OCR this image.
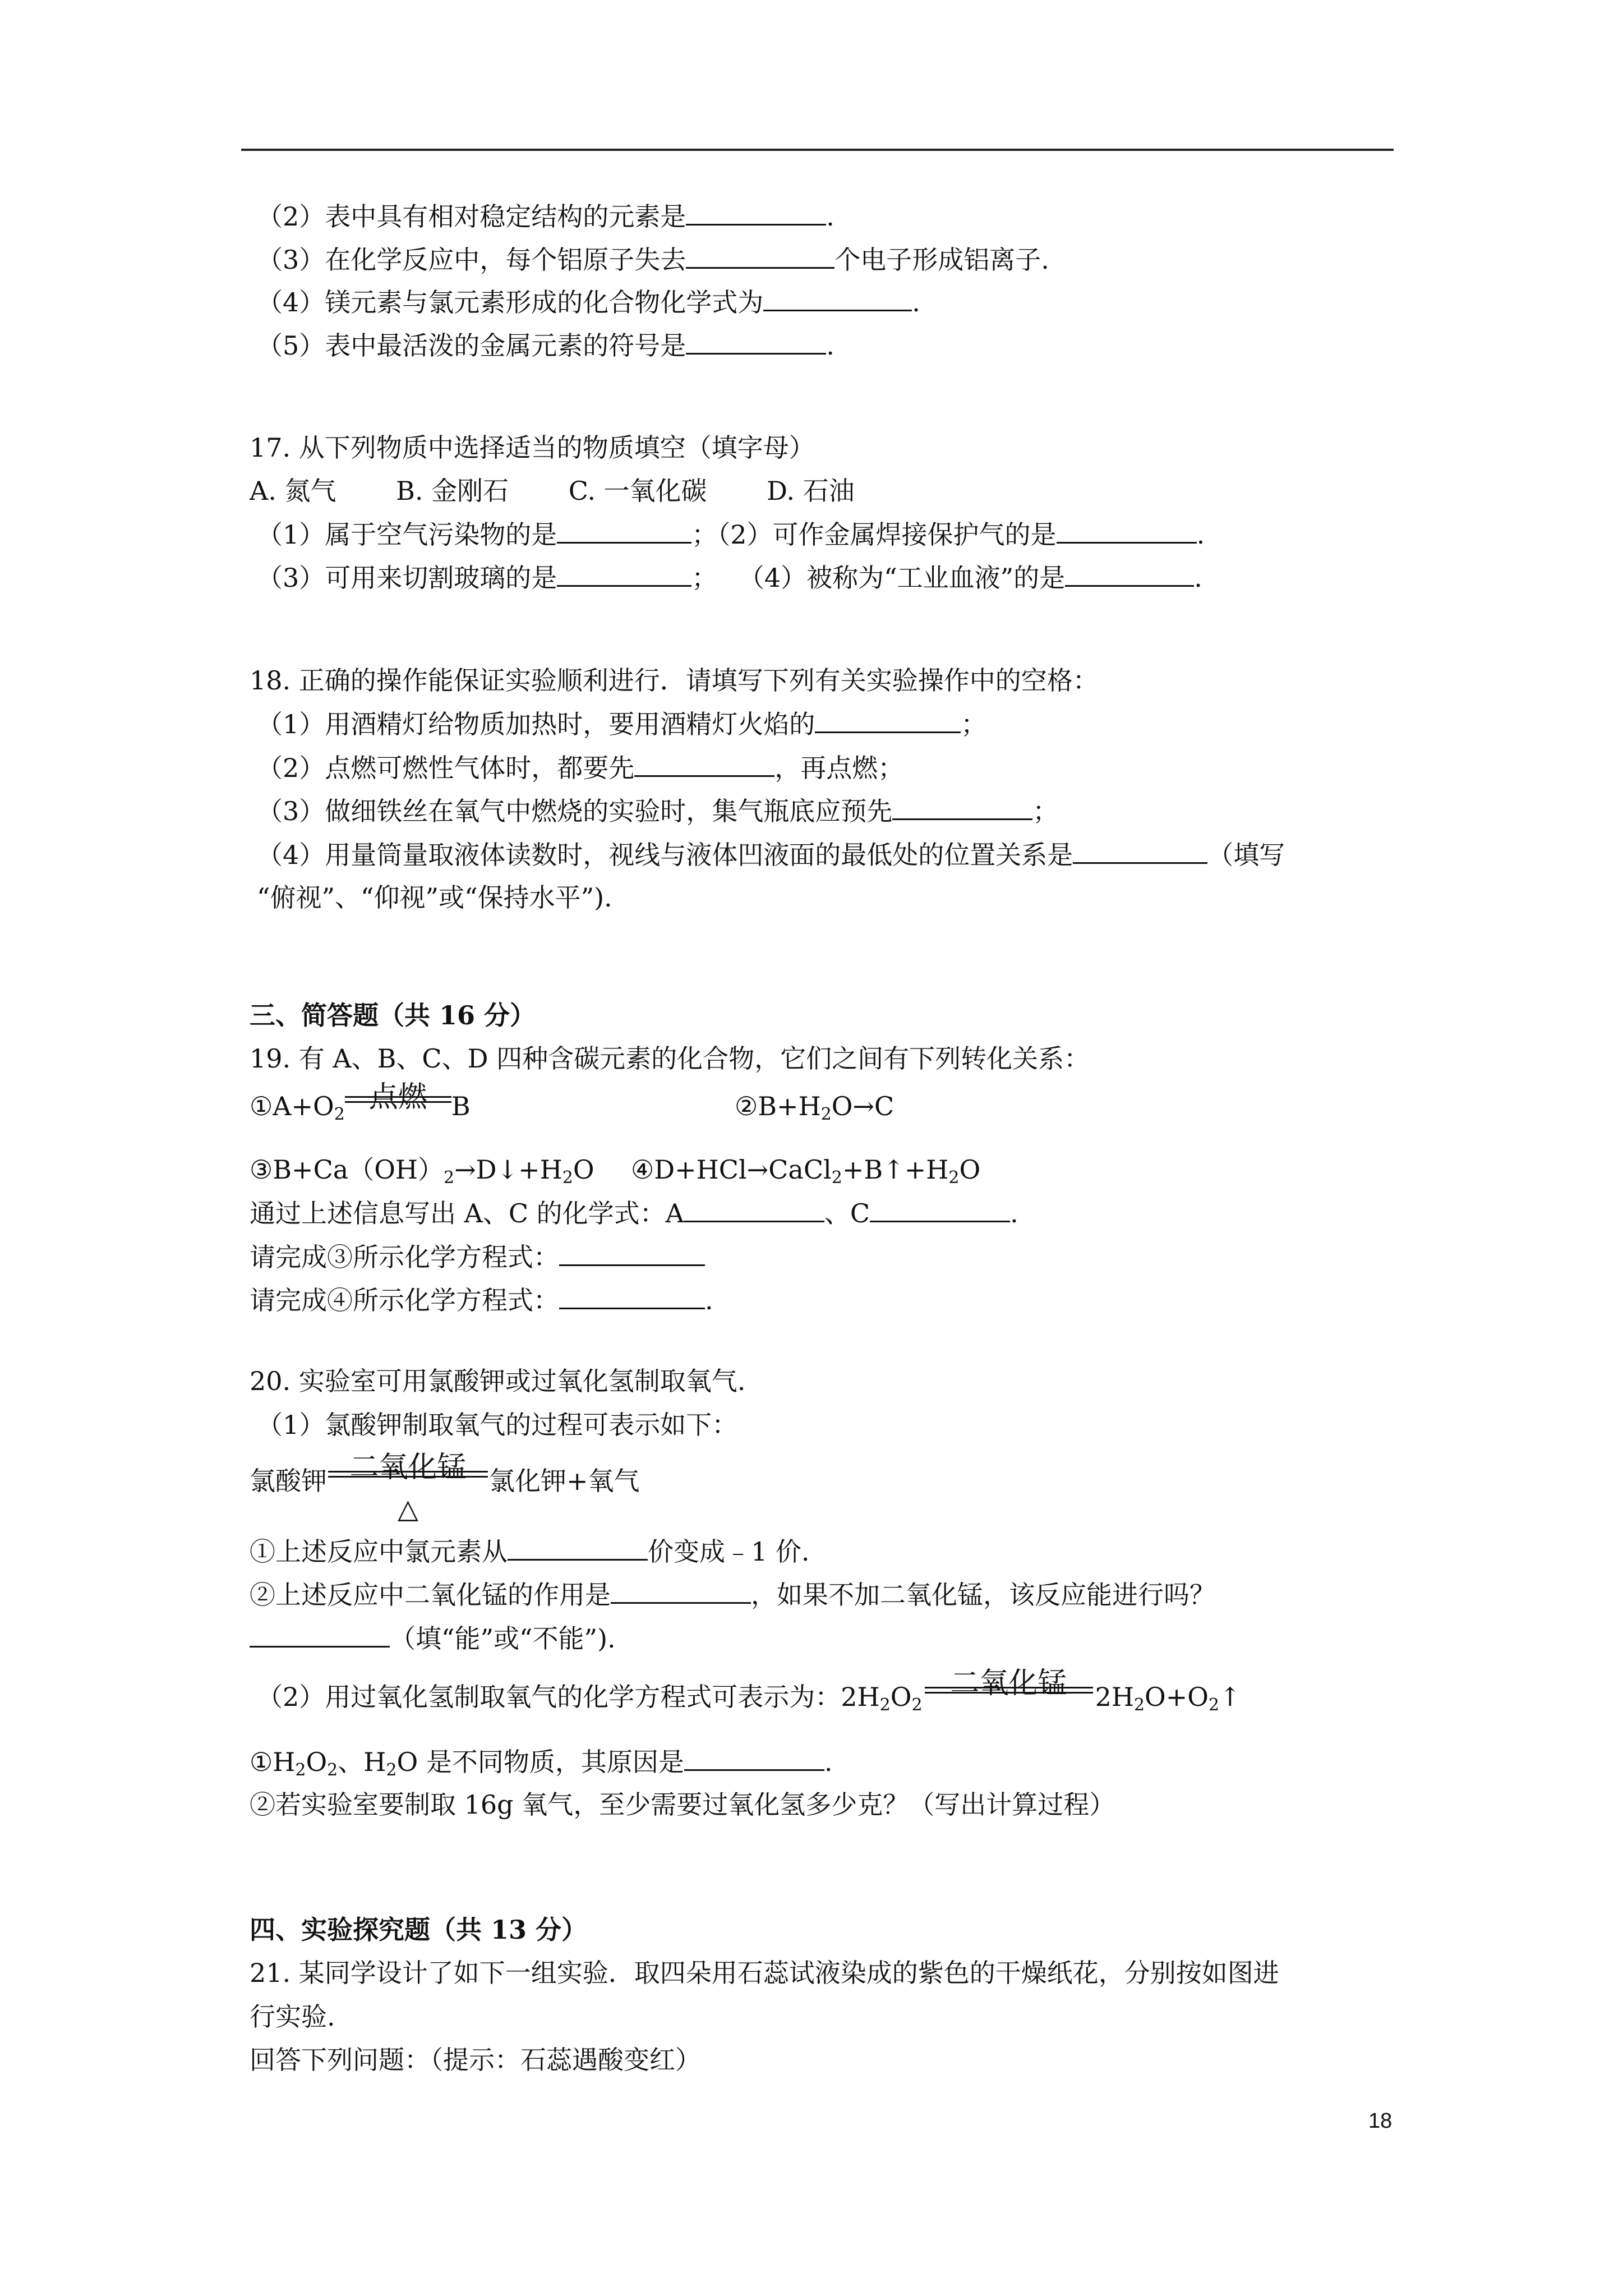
（2）表中具有相对稳定结构的元素是	.
（3）在化学反应中，每个铝原子失去	个电子形成铝离子.
（4）镁元素与氯元素形成的化合物化学式为	.
（5）表中最活泼的金属元素的符号是	.
17. 从下列物质中选择适当的物质填空（填字母）
A. 氮气　　 B. 金刚石　　 C. 一氧化碳　　 D. 石油
（1）属于空气污染物的是	；（2）可作金属焊接保护气的是	.
（3）可用来切割玻璃的是	；　 （4）被称为“工业血液”的是	.
18. 正确的操作能保证实验顺利进行．请填写下列有关实验操作中的空格：
（1）用酒精灯给物质加热时，要用酒精灯火焰的	；
（2）点燃可燃性气体时，都要先	，再点燃；
（3）做细铁丝在氧气中燃烧的实验时，集气瓶底应预先	；
（4）用量筒量取液体读数时，视线与液体凹液面的最低处的位置关系是	（填写
“俯视”、“仰视”或“保持水平”).
三、简答题（共 16 分）
19. 有 A、B、C、D 四种含碳元素的化合物，它们之间有下列转化关系：
$①A+O_2$
点燃 B	$②B+H_2O\to C$
$③B+Ca(OH)_2\to D↓+H_2O$ $④D+HCl\to CaCl_2+B↑+H_2O$
通过上述信息写出 A、C 的化学式：A	、C	.
请完成③所示化学方程式：
请完成④所示化学方程式：	.
20. 实验室可用氯酸钾或过氧化氢制取氧气.
（1）氯酸钾制取氧气的过程可表示如下：
氯酸钾 二氧化锰
△
氯化钾+氧气
①上述反应中氯元素从	价变成﹣1 价.
②上述反应中二氧化锰的作用是	，如果不加二氧化锰，该反应能进行吗？
（填“能”或“不能”).
（2）用过氧化氢制取氧气的化学方程式可表示为：$2H_2O_2$
二氧化锰	$2H_2O+O_2↑$
$①H_2O_2$、$H_2O$ 是不同物质，其原因是	.
②若实验室要制取 16g 氧气，至少需要过氧化氢多少克？（写出计算过程）
四、实验探究题（共 13 分）
21. 某同学设计了如下一组实验．取四朵用石蕊试液染成的紫色的干燥纸花，分别按如图进
行实验.
回答下列问题：（提示：石蕊遇酸变红）
18
